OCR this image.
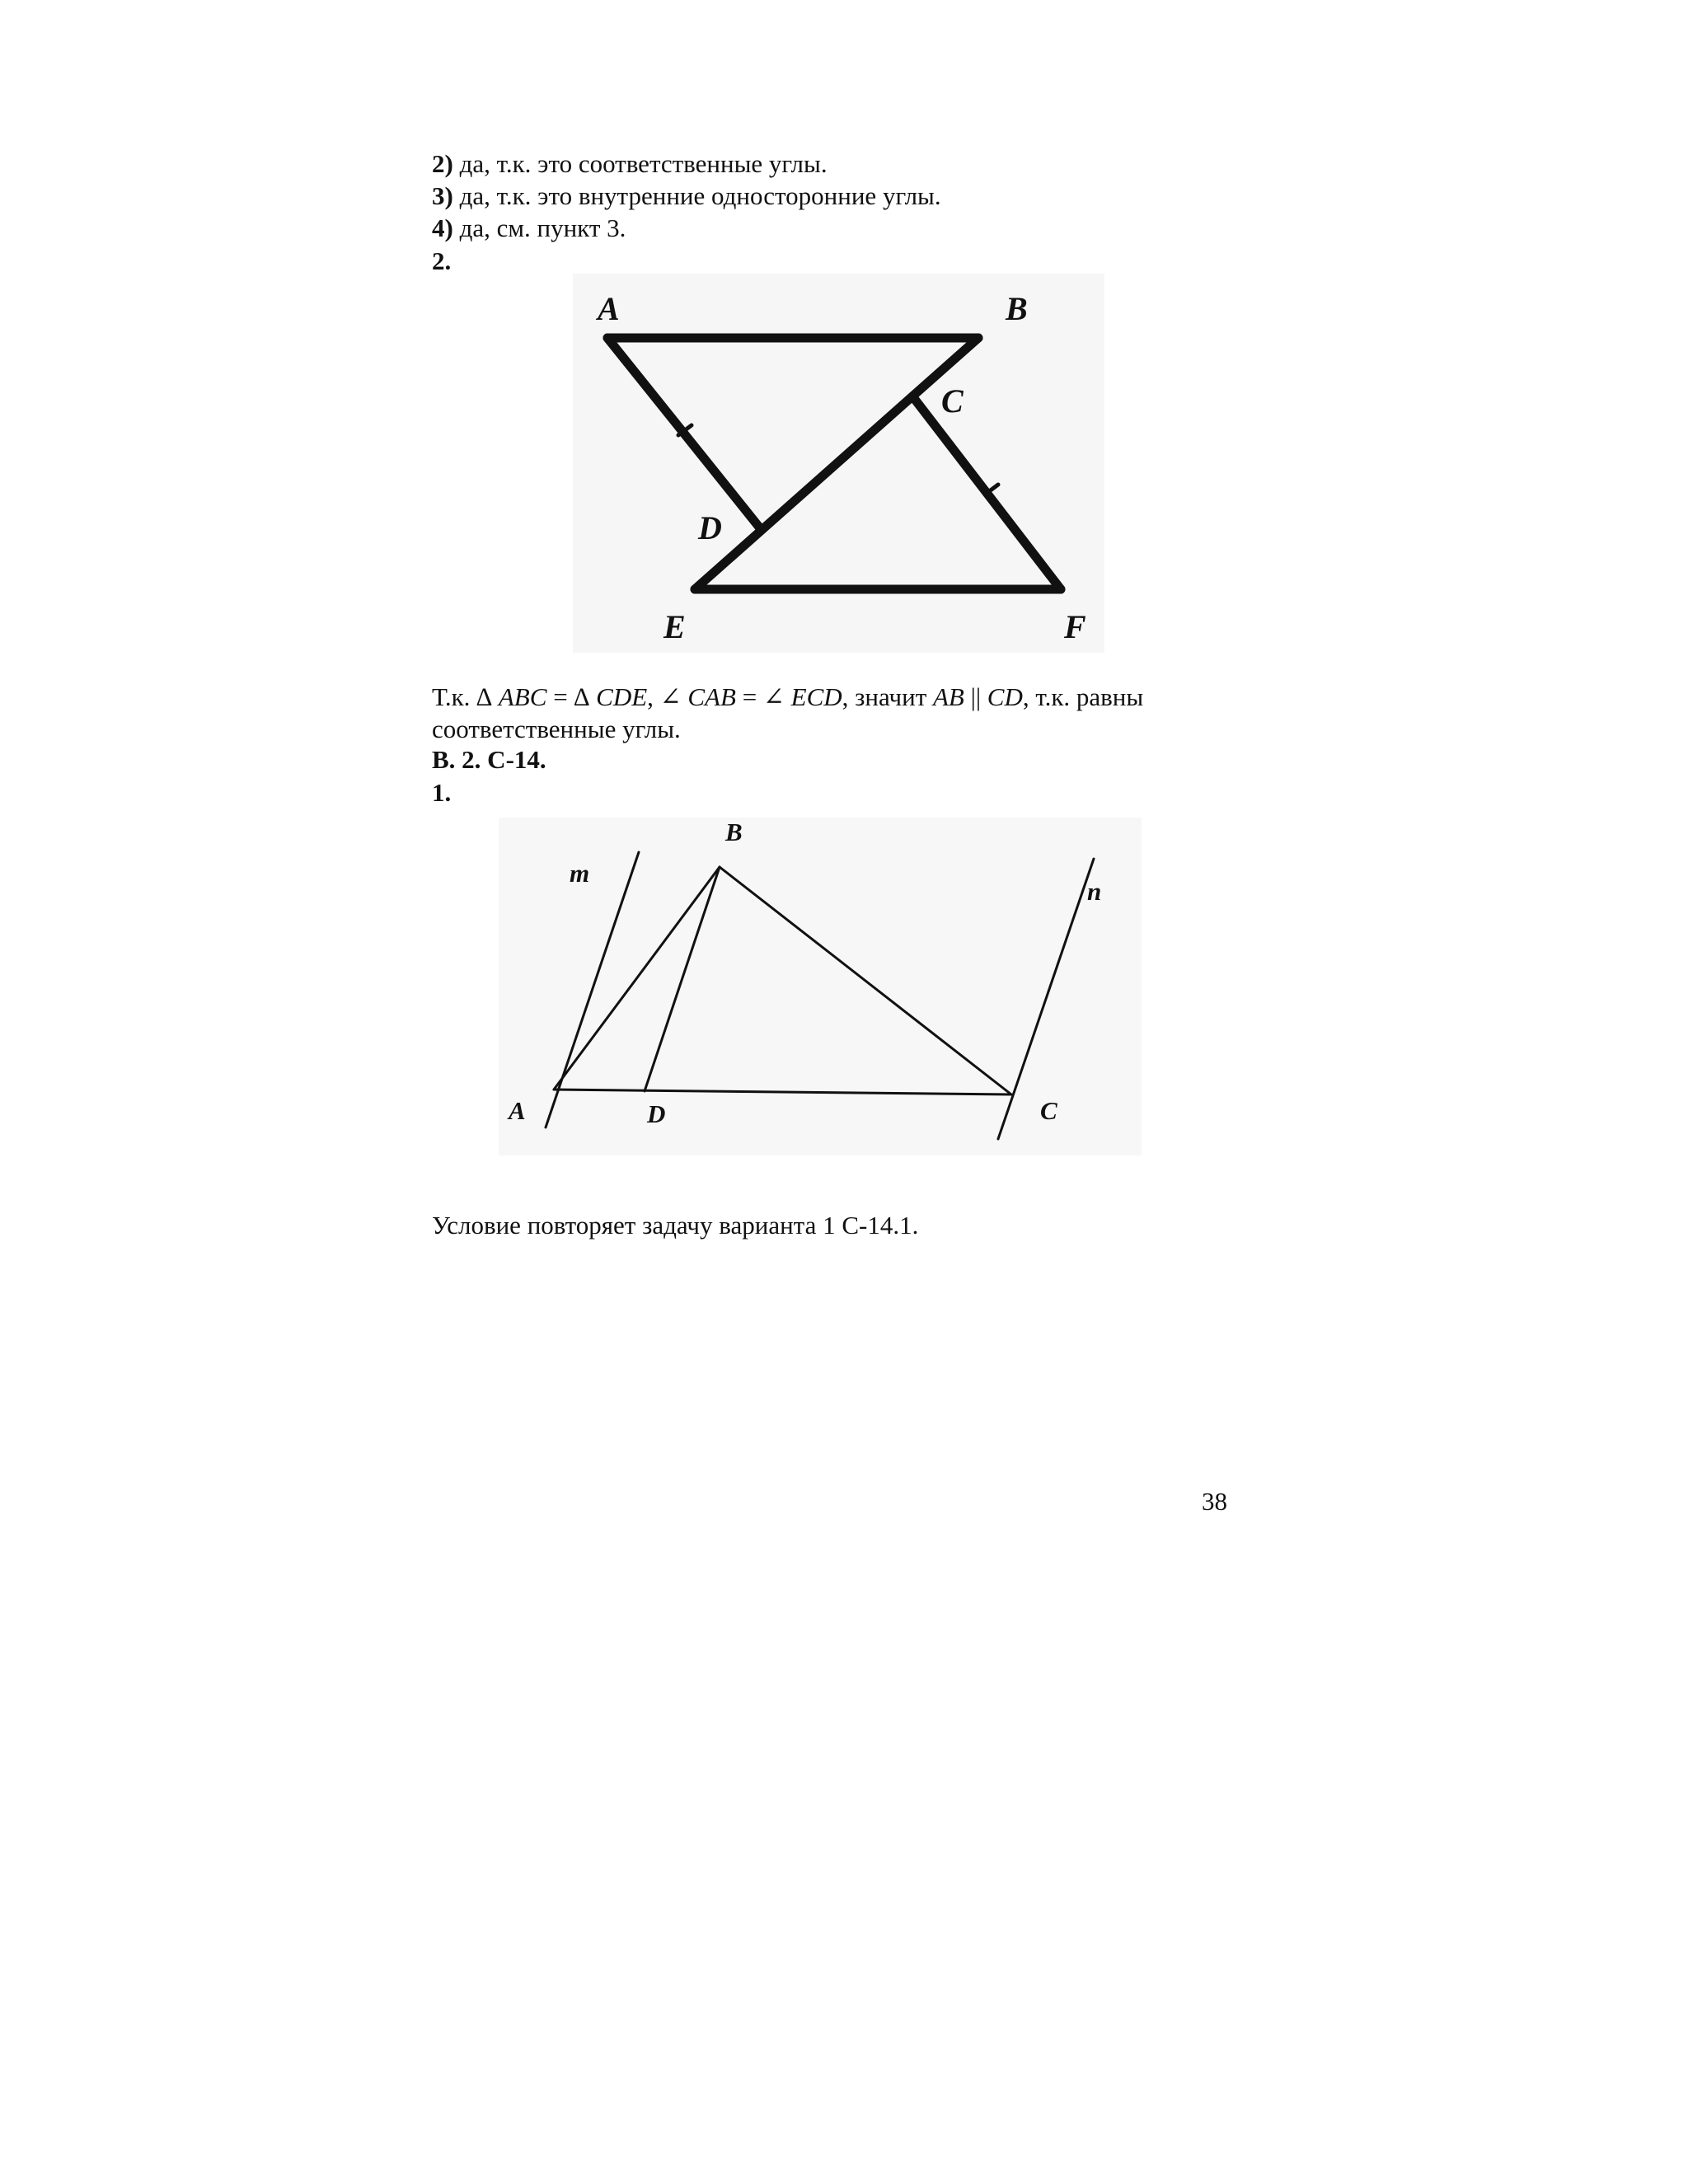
2) да, т.к. это соответственные углы.
3) да, т.к. это внутренние односторонние углы.
4) да, см. пункт 3.
2.
A	B
C
D
E	F
Т.к. ∆ ABC = ∆ CDE, ∠ CAB = ∠ ECD, значит AB || CD, т.к. равны
соответственные углы.
В. 2. С-14.
1.
m
n
B
A	D	C
Условие повторяет задачу варианта 1 С-14.1.
38
